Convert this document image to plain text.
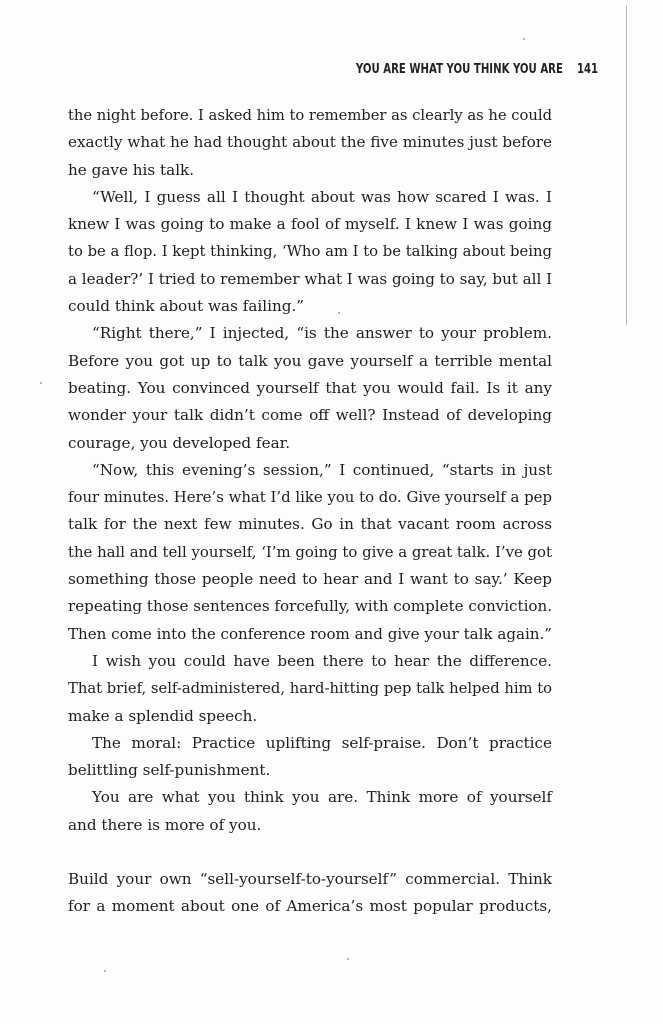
YOU ARE WHAT YOU THINK YOU ARE 141
the night before. I asked him to remember as clearly as he could
exactly what he had thought about the five minutes just before
he gave his talk.
“Well, I guess all I thought about was how scared I was. I
knew I was going to make a fool of myself. I knew I was going
to be a flop. I kept thinking, ‘Who am I to be talking about being
a leader?’ I tried to remember what I was going to say, but all I
could think about was failing.”
“Right there,” I injected, “is the answer to your problem.
Before you got up to talk you gave yourself a terrible mental
beating. You convinced yourself that you would fail. Is it any
wonder your talk didn’t come off well? Instead of developing
courage, you developed fear.
“Now, this evening’s session,” I continued, “starts in just
four minutes. Here’s what I’d like you to do. Give yourself a pep
talk for the next few minutes. Go in that vacant room across
the hall and tell yourself, ‘I’m going to give a great talk. I’ve got
something those people need to hear and I want to say.’ Keep
repeating those sentences forcefully, with complete conviction.
Then come into the conference room and give your talk again.”
I wish you could have been there to hear the difference.
That brief, self-administered, hard-hitting pep talk helped him to
make a splendid speech.
The moral: Practice uplifting self-praise. Don’t practice
belittling self-punishment.
You are what you think you are. Think more of yourself
and there is more of you.
Build your own “sell-yourself-to-yourself” commercial. Think
for a moment about one of America’s most popular products,
